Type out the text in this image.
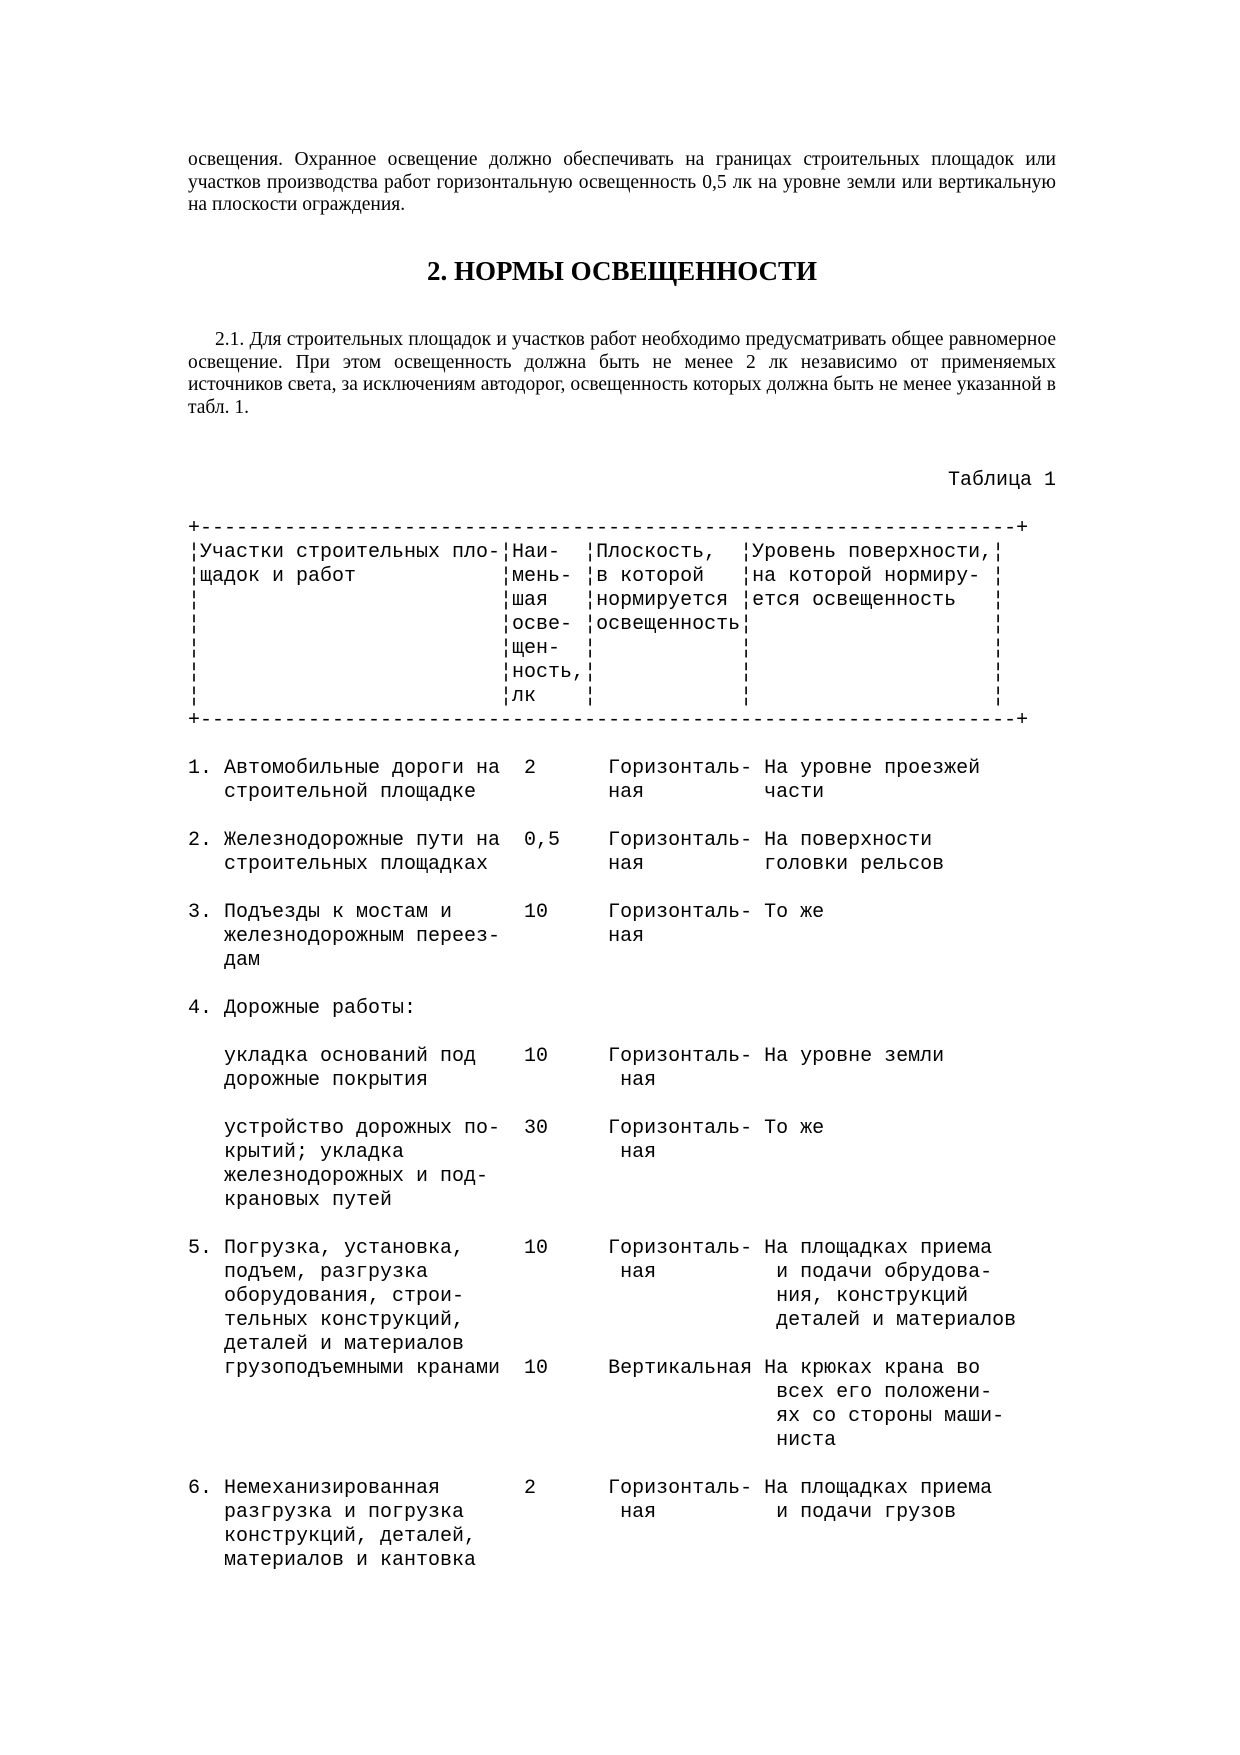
освещения. Охранное освещение должно обеспечивать на границах строительных площадок или участков производства работ горизонтальную освещенность 0,5 лк на уровне земли или вертикальную на плоскости ограждения.

2. НОРМЫ ОСВЕЩЕННОСТИ

2.1. Для строительных площадок и участков работ необходимо предусматривать общее равномерное освещение. При этом освещенность должна быть не менее 2 лк независимо от применяемых источников света, за исключениям автодорог, освещенность которых должна быть не менее указанной в табл. 1.

Таблица 1
+--------------------------------------------------------------------+
¦Участки строительных пло-¦Наи-  ¦Плоскость,  ¦Уровень поверхности,¦
¦щадок и работ            ¦мень- ¦в которой   ¦на которой нормиру- ¦
¦                         ¦шая   ¦нормируется ¦ется освещенность   ¦
¦                         ¦осве- ¦освещенность¦                    ¦
¦                         ¦щен-  ¦            ¦                    ¦
¦                         ¦ность,¦            ¦                    ¦
¦                         ¦лк    ¦            ¦                    ¦
+--------------------------------------------------------------------+

1. Автомобильные дороги на  2      Горизонталь- На уровне проезжей
строительной площадке           ная          части

2. Железнодорожные пути на  0,5    Горизонталь- На поверхности
строительных площадках          ная          головки рельсов

3. Подъезды к мостам и      10     Горизонталь- То же
железнодорожным переез-         ная
дам

4. Дорожные работы:

укладка оснований под    10     Горизонталь- На уровне земли
дорожные покрытия                ная

устройство дорожных по-  30     Горизонталь- То же
крытий; укладка                  ная
железнодорожных и под-
крановых путей

5. Погрузка, установка,     10     Горизонталь- На площадках приема
подъем, разгрузка                ная          и подачи обрудова-
оборудования, строи-                          ния, конструкций
тельных конструкций,                          деталей и материалов
деталей и материалов
грузоподъемными кранами  10     Вертикальная На крюках крана во
всех его положени-
ях со стороны маши-
ниста

6. Немеханизированная       2      Горизонталь- На площадках приема
разгрузка и погрузка             ная          и подачи грузов
конструкций, деталей,
материалов и кантовка
